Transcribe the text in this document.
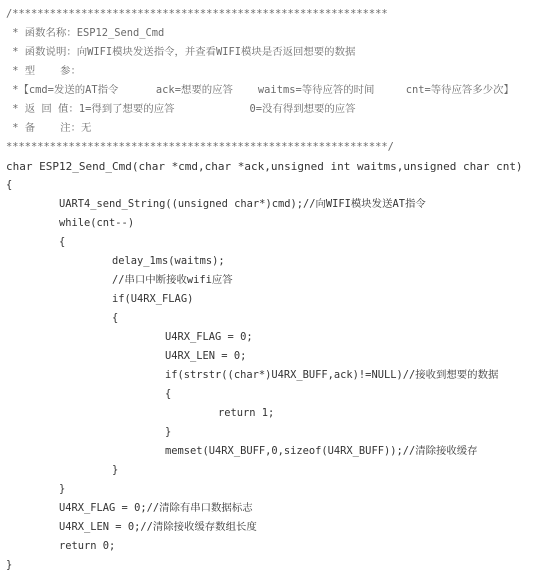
/************************************************************
* 函数名称：ESP12_Send_Cmd
* 函数说明：向WIFI模块发送指令，并查看WIFI模块是否返回想要的数据
* 型    参：
*【cmd=发送的AT指令      ack=想要的应答    waitms=等待应答的时间     cnt=等待应答多少次】
* 返 回 值：1=得到了想要的应答            0=没有得到想要的应答
* 备    注：无
*************************************************************/
char ESP12_Send_Cmd(char *cmd,char *ack,unsigned int waitms,unsigned char cnt)
{
UART4_send_String((unsigned char*)cmd);//向WIFI模块发送AT指令
while(cnt--)
{
delay_1ms(waitms);
//串口中断接收wifi应答
if(U4RX_FLAG)
{
U4RX_FLAG = 0;
U4RX_LEN = 0;
if(strstr((char*)U4RX_BUFF,ack)!=NULL)//接收到想要的数据
{
return 1;
}
memset(U4RX_BUFF,0,sizeof(U4RX_BUFF));//清除接收缓存
}
}
U4RX_FLAG = 0;//清除有串口数据标志
U4RX_LEN = 0;//清除接收缓存数组长度
return 0;
}
